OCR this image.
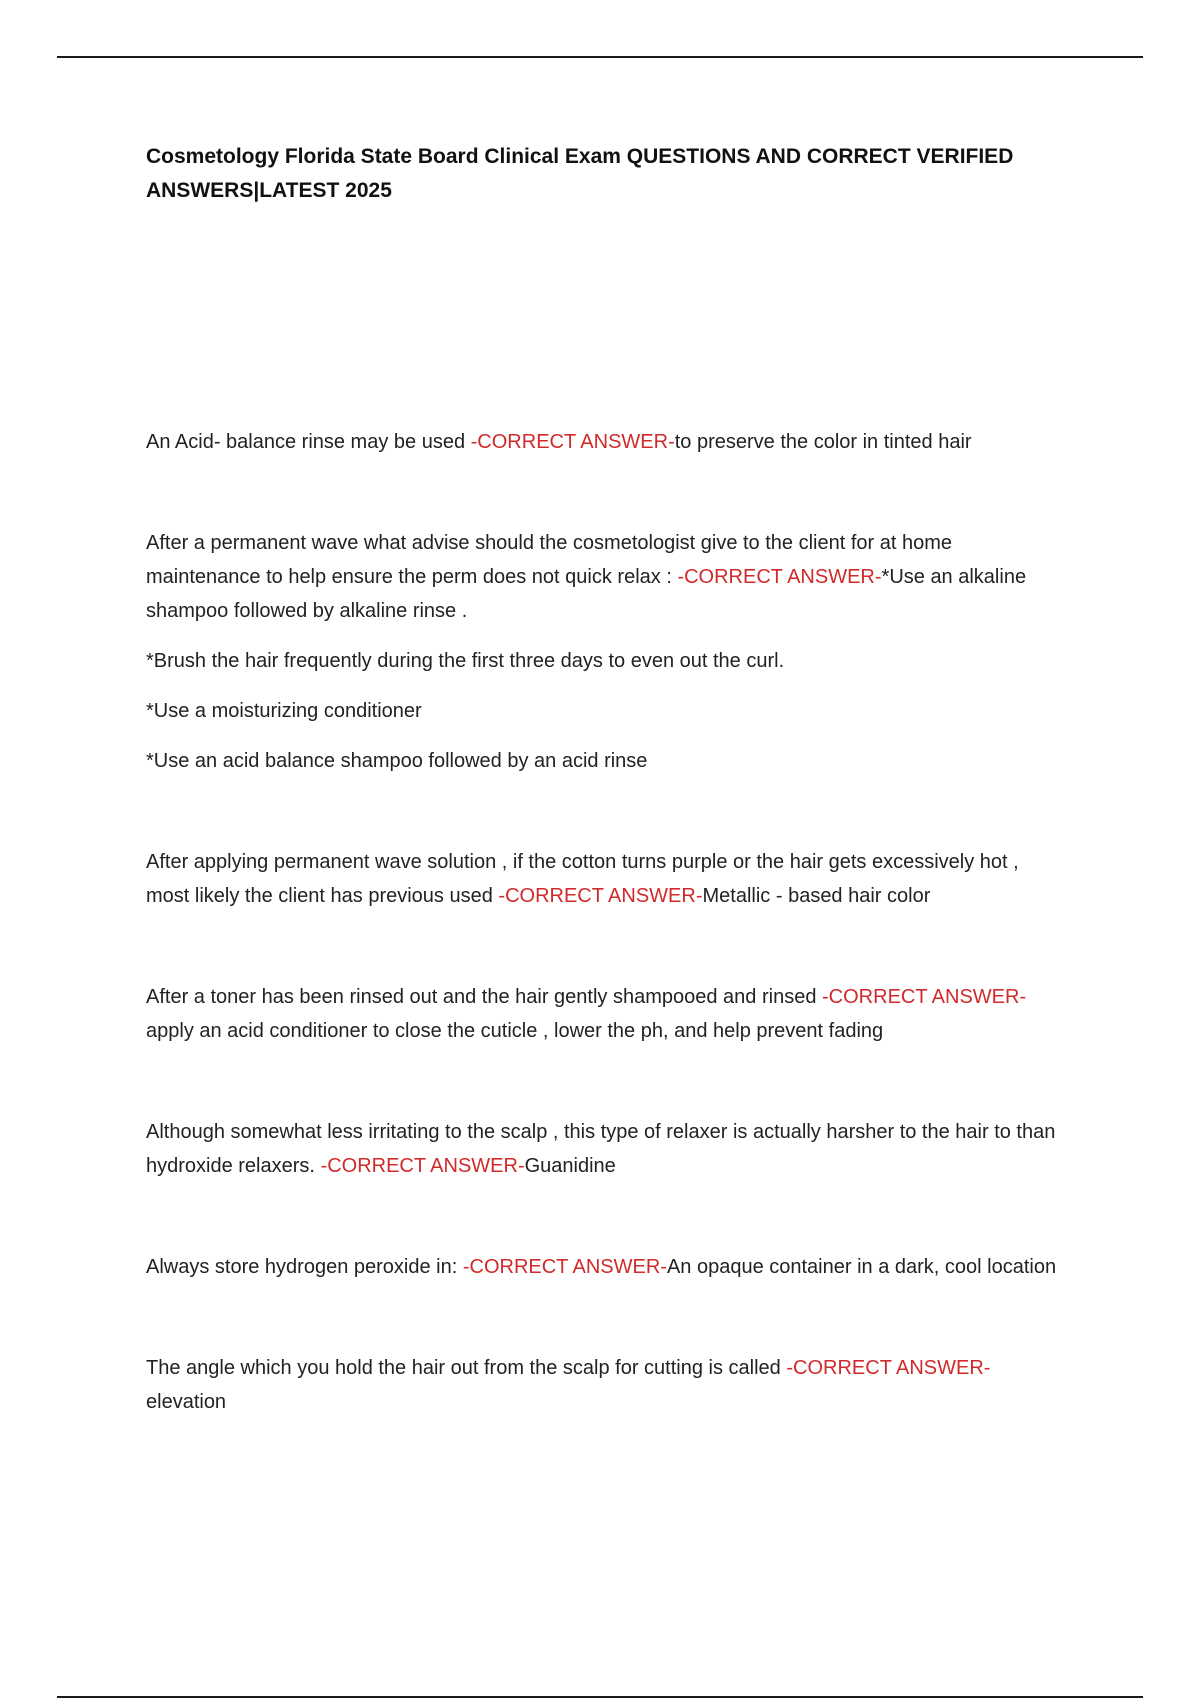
Cosmetology Florida State Board Clinical Exam QUESTIONS AND CORRECT VERIFIED ANSWERS|LATEST 2025

An Acid- balance rinse may be used -CORRECT ANSWER-to preserve the color in tinted hair

After a permanent wave what advise should the cosmetologist give to the client for at home maintenance to help ensure the perm does not quick relax : -CORRECT ANSWER-*Use an alkaline shampoo followed by alkaline rinse .

*Brush the hair frequently during the first three days to even out the curl.

*Use a moisturizing conditioner

*Use an acid balance shampoo followed by an acid rinse

After applying permanent wave solution , if the cotton turns purple or the hair gets excessively hot , most likely the client has previous used -CORRECT ANSWER-Metallic - based hair color

After a toner has been rinsed out and the hair gently shampooed and rinsed -CORRECT ANSWER-apply an acid conditioner to close the cuticle , lower the ph, and help prevent fading

Although somewhat less irritating to the scalp , this type of relaxer is actually harsher to the hair to than hydroxide relaxers. -CORRECT ANSWER-Guanidine

Always store hydrogen peroxide in: -CORRECT ANSWER-An opaque container in a dark, cool location

The angle which you hold the hair out from the scalp for cutting is called -CORRECT ANSWER-elevation
